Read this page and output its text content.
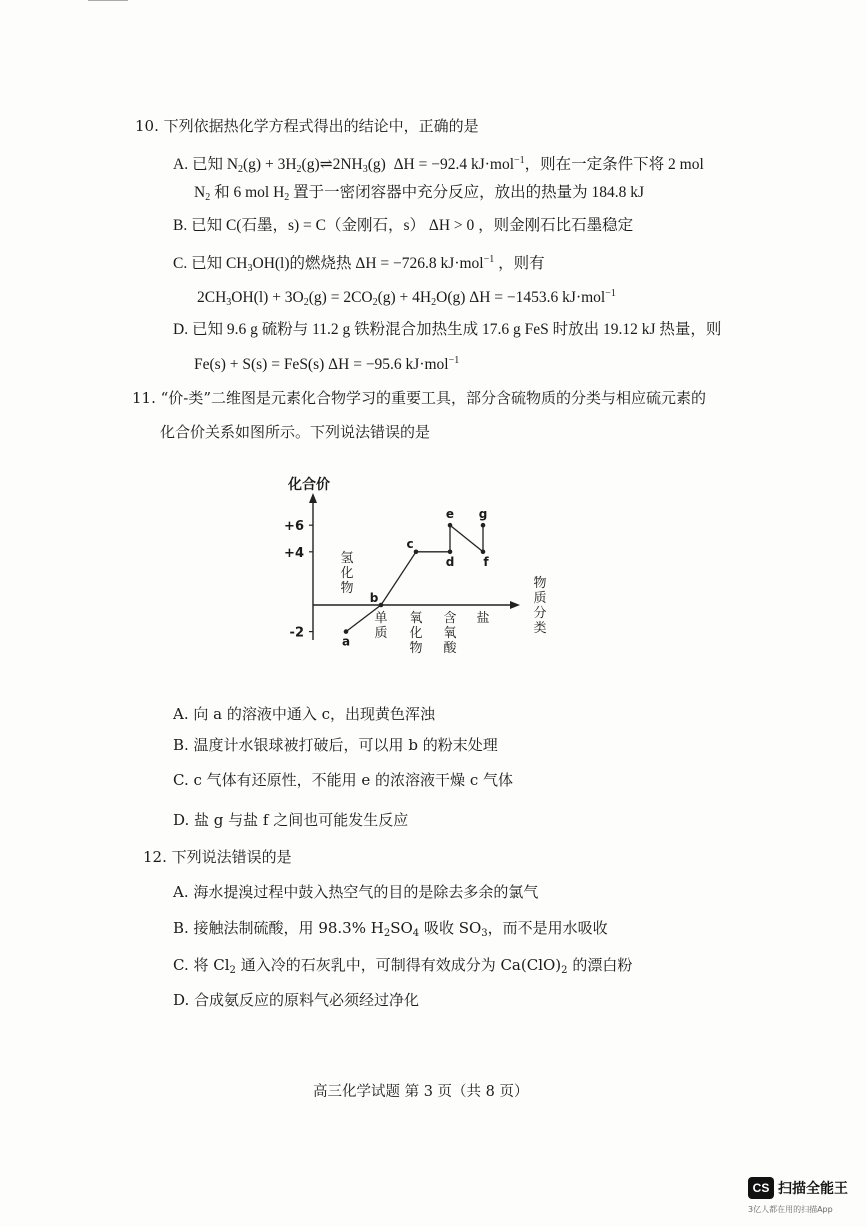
10. 下列依据热化学方程式得出的结论中，正确的是
A. 已知 $N_2(g)$ + $3H_2(g)\rightleftharpoons 2NH_3(g) \Delta H = -92.4$ kJ·mol$^{-1}$，则在一定条件下将 2 mol
$N_2$ 和 6 mol $H_2$ 置于一密闭容器中充分反应，放出的热量为 184.8 kJ
B. 已知 C(石墨，s) = C（金刚石，s） ΔH > 0 ，则金刚石比石墨稳定
C. 已知 $CH_3OH(l)$的燃烧热 ΔH = −726.8 kJ·mol$^{-1}$ ，则有
$2CH_3OH(l) + 3O_2(g) = 2CO_2(g) + 4H_2O(g) \Delta H = -1453.6$ kJ·mol$^{-1}$
D. 已知 9.6 g 硫粉与 11.2 g 铁粉混合加热生成 17.6 g FeS 时放出 19.12 kJ 热量，则
Fe(s) + S(s) = FeS(s) ΔH = −95.6 kJ·mol$^{-1}$
11. “价-类”二维图是元素化合物学习的重要工具，部分含硫物质的分类与相应硫元素的
化合价关系如图所示。下列说法错误的是
化合价
+6
+4
-2
物
质
分
类
氢
化
物
单
质
氧
化
物
含
氧
酸
盐
a
b
c
d
e
f
g
A. 向 a 的溶液中通入 c，出现黄色浑浊
B. 温度计水银球被打破后，可以用 b 的粉末处理
C. c 气体有还原性，不能用 e 的浓溶液干燥 c 气体
D. 盐 g 与盐 f 之间也可能发生反应
12. 下列说法错误的是
A. 海水提溴过程中鼓入热空气的目的是除去多余的氯气
B. 接触法制硫酸，用 98.3% $H_2SO_4$ 吸收 $SO_3$，而不是用水吸收
C. 将 $Cl_2$ 通入冷的石灰乳中，可制得有效成分为 $Ca(ClO)_2$ 的漂白粉
D. 合成氨反应的原料气必须经过净化
高三化学试题 第 3 页（共 8 页）
CS 扫描全能王
3亿人都在用的扫描App
